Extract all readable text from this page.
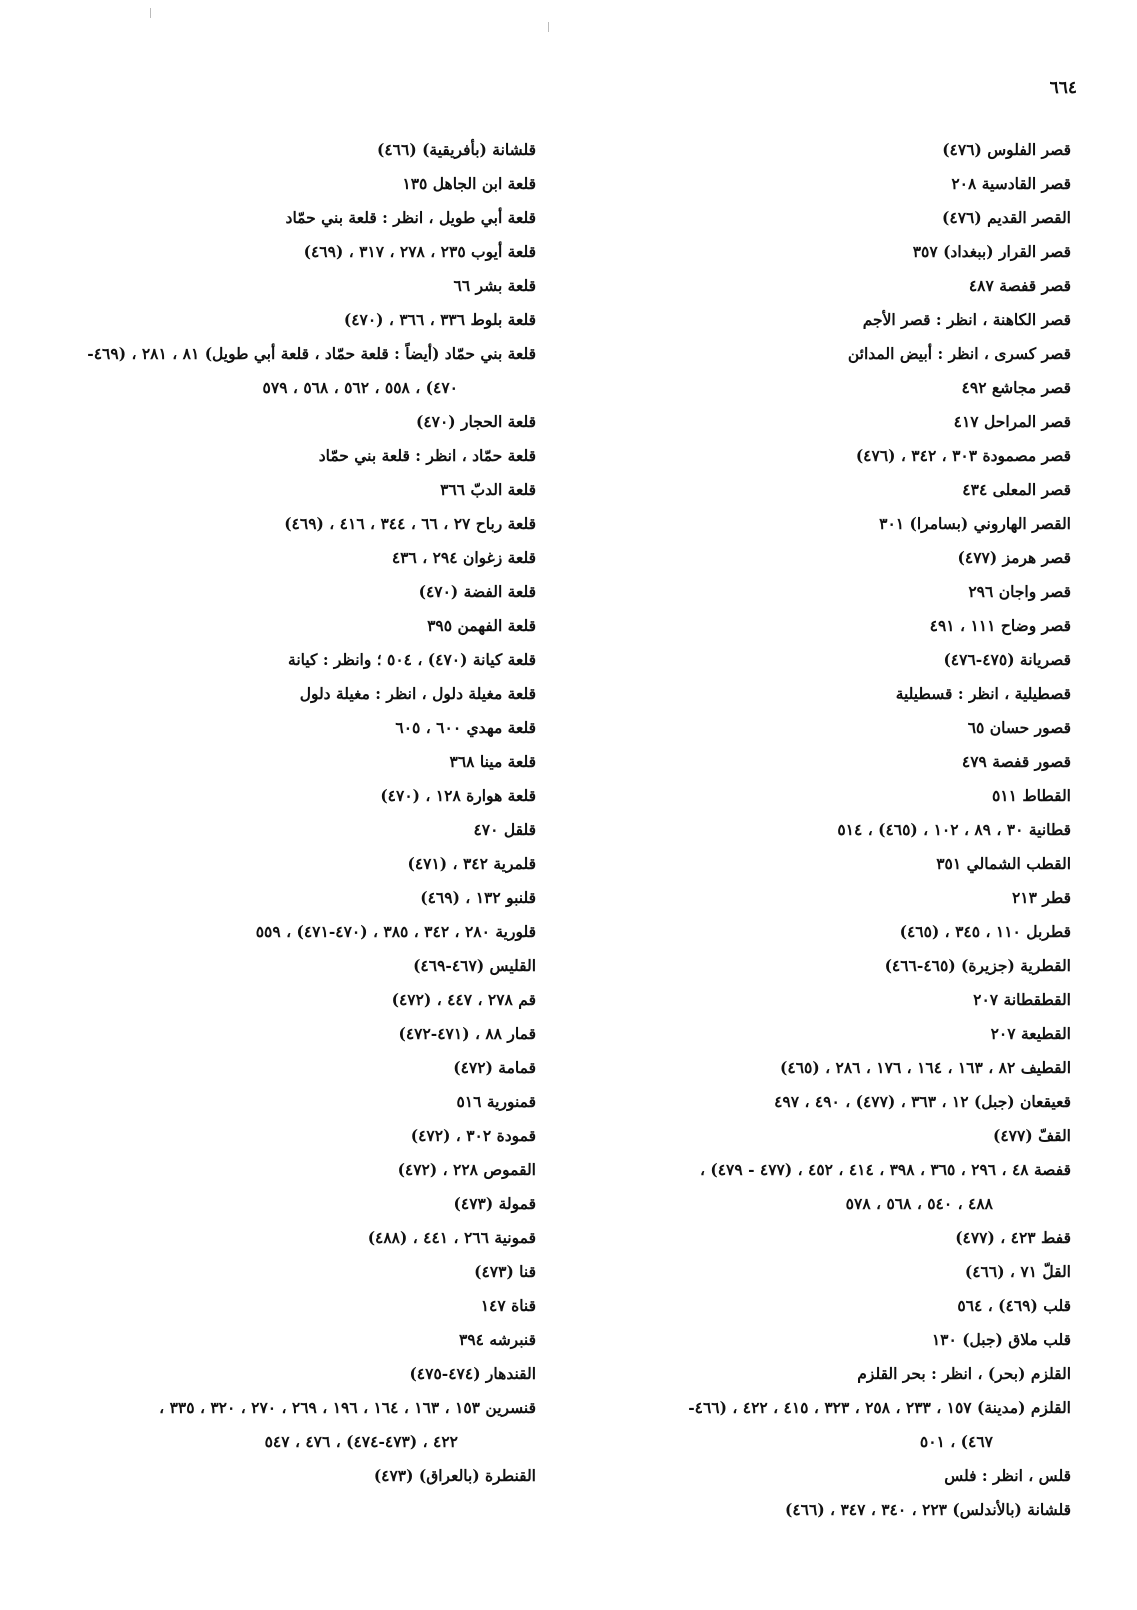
٦٦٤
قصر الفلوس (٤٧٦)
قصر القادسية ٢٠٨
القصر القديم (٤٧٦)
قصر القرار (ببغداد) ٣٥٧
قصر قفصة ٤٨٧
قصر الكاهنة ، انظر : قصر الأجم
قصر كسرى ، انظر : أبيض المدائن
قصر مجاشع ٤٩٢
قصر المراحل ٤١٧
قصر مصمودة ٣٠٣ ، ٣٤٢ ، (٤٧٦)
قصر المعلى ٤٣٤
القصر الهاروني (بسامرا) ٣٠١
قصر هرمز (٤٧٧)
قصر واجان ٢٩٦
قصر وضاح ١١١ ، ٤٩١
قصريانة (٤٧٥-٤٧٦)
قصطيلية ، انظر : قسطيلية
قصور حسان ٦٥
قصور قفصة ٤٧٩
القطاط ٥١١
قطانية ٣٠ ، ٨٩ ، ١٠٢ ، (٤٦٥) ، ٥١٤
القطب الشمالي ٣٥١
قطر ٢١٣
قطربل ١١٠ ، ٣٤٥ ، (٤٦٥)
القطرية (جزيرة) (٤٦٥-٤٦٦)
القطقطانة ٢٠٧
القطيعة ٢٠٧
القطيف ٨٢ ، ١٦٣ ، ١٦٤ ، ١٧٦ ، ٢٨٦ ، (٤٦٥)
قعيقعان (جبل) ١٢ ، ٣٦٣ ، (٤٧٧) ، ٤٩٠ ، ٤٩٧
القفّ (٤٧٧)
قفصة ٤٨ ، ٢٩٦ ، ٣٦٥ ، ٣٩٨ ، ٤١٤ ، ٤٥٢ ، (٤٧٧ - ٤٧٩) ،
٤٨٨ ، ٥٤٠ ، ٥٦٨ ، ٥٧٨
قفط ٤٢٣ ، (٤٧٧)
القلّ ٧١ ، (٤٦٦)
قلب (٤٦٩) ، ٥٦٤
قلب ملاق (جبل) ١٣٠
القلزم (بحر) ، انظر : بحر القلزم
القلزم (مدينة) ١٥٧ ، ٢٣٣ ، ٢٥٨ ، ٣٢٣ ، ٤١٥ ، ٤٢٢ ، (٤٦٦-
٤٦٧) ، ٥٠١
قلس ، انظر : فلس
قلشانة (بالأندلس) ٢٢٣ ، ٣٤٠ ، ٣٤٧ ، (٤٦٦)
قلشانة (بأفريقية) (٤٦٦)
قلعة ابن الجاهل ١٣٥
قلعة أبي طويل ، انظر : قلعة بني حمّاد
قلعة أيوب ٢٣٥ ، ٢٧٨ ، ٣١٧ ، (٤٦٩)
قلعة بشر ٦٦
قلعة بلوط ٣٣٦ ، ٣٦٦ ، (٤٧٠)
قلعة بني حمّاد (أيضاً : قلعة حمّاد ، قلعة أبي طويل) ٨١ ، ٢٨١ ، (٤٦٩-
٤٧٠) ، ٥٥٨ ، ٥٦٢ ، ٥٦٨ ، ٥٧٩
قلعة الحجار (٤٧٠)
قلعة حمّاد ، انظر : قلعة بني حمّاد
قلعة الدبّ ٣٦٦
قلعة رباح ٢٧ ، ٦٦ ، ٣٤٤ ، ٤١٦ ، (٤٦٩)
قلعة زغوان ٢٩٤ ، ٤٣٦
قلعة الفضة (٤٧٠)
قلعة الفهمن ٣٩٥
قلعة كيانة (٤٧٠) ، ٥٠٤ ؛ وانظر : كيانة
قلعة مغيلة دلول ، انظر : مغيلة دلول
قلعة مهدي ٦٠٠ ، ٦٠٥
قلعة مينا ٣٦٨
قلعة هوارة ١٢٨ ، (٤٧٠)
قلقل ٤٧٠
قلمرية ٣٤٢ ، (٤٧١)
قلنبو ١٣٢ ، (٤٦٩)
قلورية ٢٨٠ ، ٣٤٢ ، ٣٨٥ ، (٤٧٠-٤٧١) ، ٥٥٩
القليس (٤٦٧-٤٦٩)
قم ٢٧٨ ، ٤٤٧ ، (٤٧٢)
قمار ٨٨ ، (٤٧١-٤٧٢)
قمامة (٤٧٢)
قمنورية ٥١٦
قمودة ٣٠٢ ، (٤٧٢)
القموص ٢٢٨ ، (٤٧٢)
قمولة (٤٧٣)
قمونية ٢٦٦ ، ٤٤١ ، (٤٨٨)
قنا (٤٧٣)
قناة ١٤٧
قنبرشه ٣٩٤
القندهار (٤٧٤-٤٧٥)
قنسرين ١٥٣ ، ١٦٣ ، ١٦٤ ، ١٩٦ ، ٢٦٩ ، ٢٧٠ ، ٣٢٠ ، ٣٣٥ ،
٤٢٢ ، (٤٧٣-٤٧٤) ، ٤٧٦ ، ٥٤٧
القنطرة (بالعراق) (٤٧٣)
